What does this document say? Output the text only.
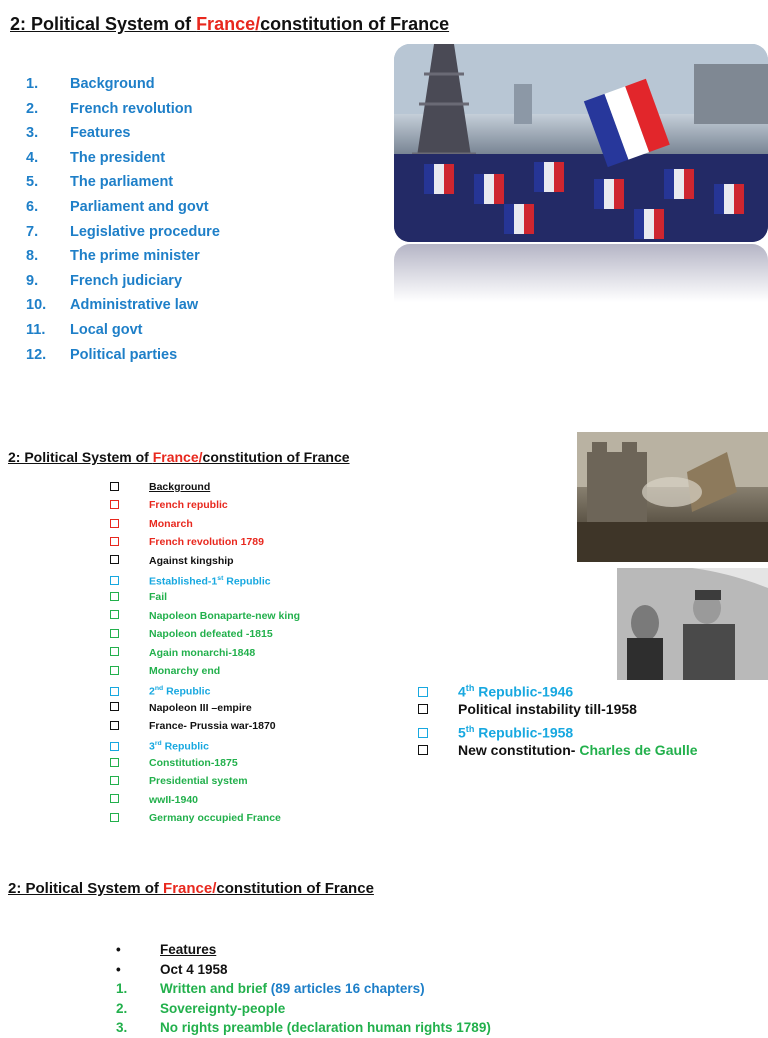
2: Political System of France/constitution of France
1. Background
2. French revolution
3. Features
4. The president
5. The parliament
6. Parliament and govt
7. Legislative procedure
8. The prime minister
9. French judiciary
10. Administrative law
11. Local govt
12. Political parties
2: Political System of France/constitution of France
Background
French republic
Monarch
French revolution 1789
Against kingship
Established-1st Republic
Fail
Napoleon Bonaparte-new king
Napoleon defeated -1815
Again monarchi-1848
Monarchy end
2nd Republic
Napoleon III –empire
France- Prussia war-1870
3rd Republic
Constitution-1875
Presidential system
wwII-1940
Germany occupied France
4th Republic-1946
Political instability till-1958
5th Republic-1958
New constitution- Charles de Gaulle
2: Political System of France/constitution of France
•	Features
•	Oct 4 1958
1. Written and brief (89 articles 16 chapters)
2. Sovereignty-people
3. No rights preamble (declaration human rights 1789)
